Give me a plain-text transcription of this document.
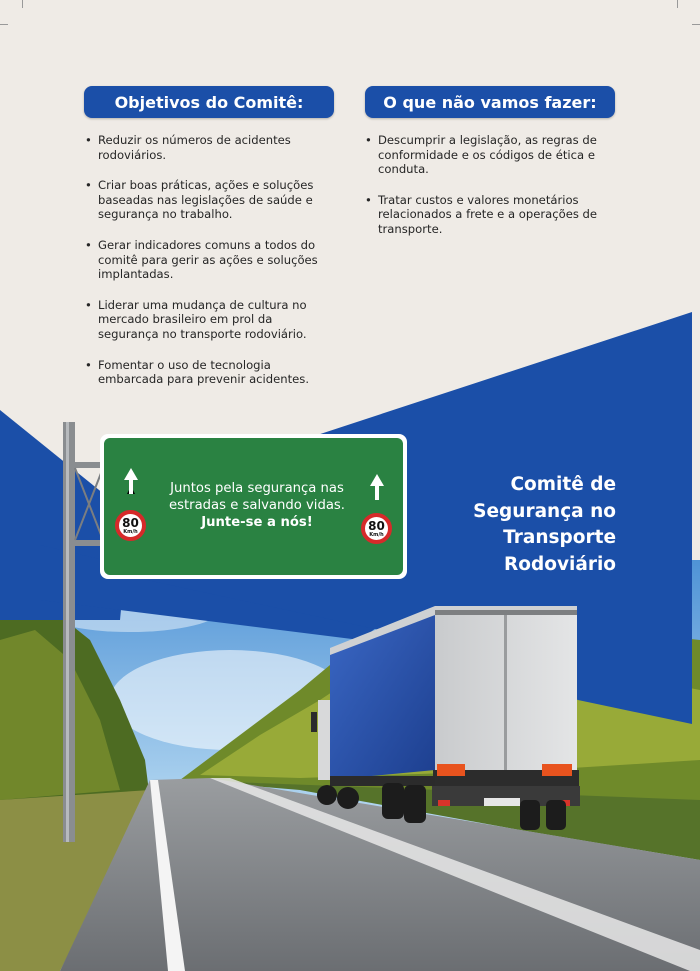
Objetivos do Comitê:
• Reduzir os números de acidentes rodoviários.
• Criar boas práticas, ações e soluções baseadas nas legislações de saúde e segurança no trabalho.
• Gerar indicadores comuns a todos do comitê para gerir as ações e soluções implantadas.
• Liderar uma mudança de cultura no mercado brasileiro em prol da segurança no transporte rodoviário.
• Fomentar o uso de tecnologia embarcada para prevenir acidentes.
O que não vamos fazer:
• Descumprir a legislação, as regras de conformidade e os códigos de ética e conduta.
• Tratar custos e valores monetários relacionados a frete e a operações de transporte.
Juntos pela segurança nas
estradas e salvando vidas.
Junte-se a nós!
80
Km/h	80
Km/h
Comitê de
Segurança no
Transporte
Rodoviário
